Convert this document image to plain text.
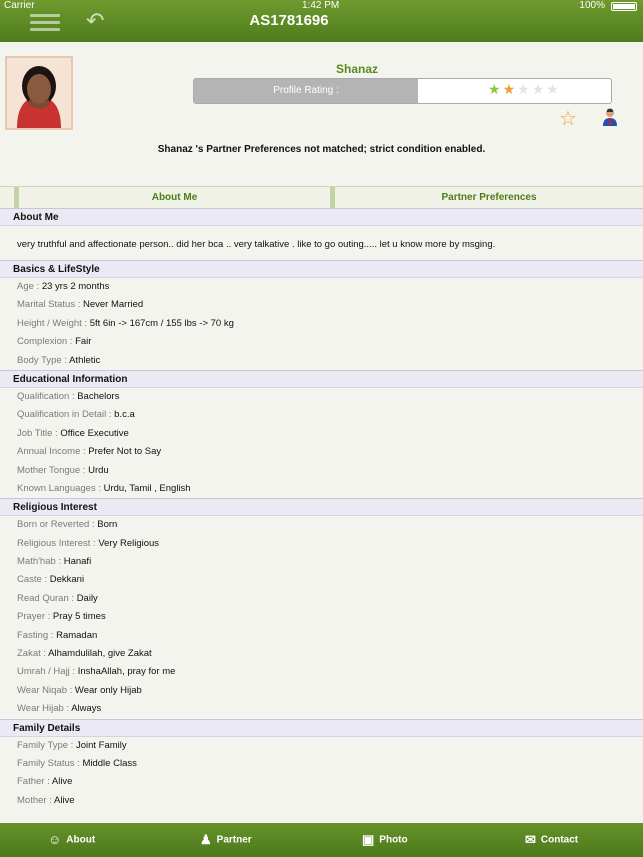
↶	AS1781696
Carrier	1:42 PM	100%
Shanaz
Profile Rating :	★★★★★
☆
Shanaz 's Partner Preferences not matched; strict condition enabled.
About Me	Partner Preferences
About Me
very truthful and affectionate person.. did her bca .. very talkative . like to go outing..... let u know more by msging.
Basics & LifeStyle
Age : 23 yrs 2 months
Marital Status : Never Married
Height / Weight : 5ft 6in -> 167cm / 155 lbs -> 70 kg
Complexion : Fair
Body Type : Athletic
Educational Information
Qualification : Bachelors
Qualification in Detail : b.c.a
Job Title : Office Executive
Annual Income : Prefer Not to Say
Mother Tongue : Urdu
Known Languages : Urdu, Tamil , English
Religious Interest
Born or Reverted : Born
Religious Interest : Very Religious
Math'hab : Hanafi
Caste : Dekkani
Read Quran : Daily
Prayer : Pray 5 times
Fasting : Ramadan
Zakat : Alhamdulilah, give Zakat
Umrah / Hajj : InshaAllah, pray for me
Wear Niqab : Wear only Hijab
Wear Hijab : Always
Family Details
Family Type : Joint Family
Family Status : Middle Class
Father : Alive
Mother : Alive
☺ About	♟ Partner	▣ Photo	✉ Contact
